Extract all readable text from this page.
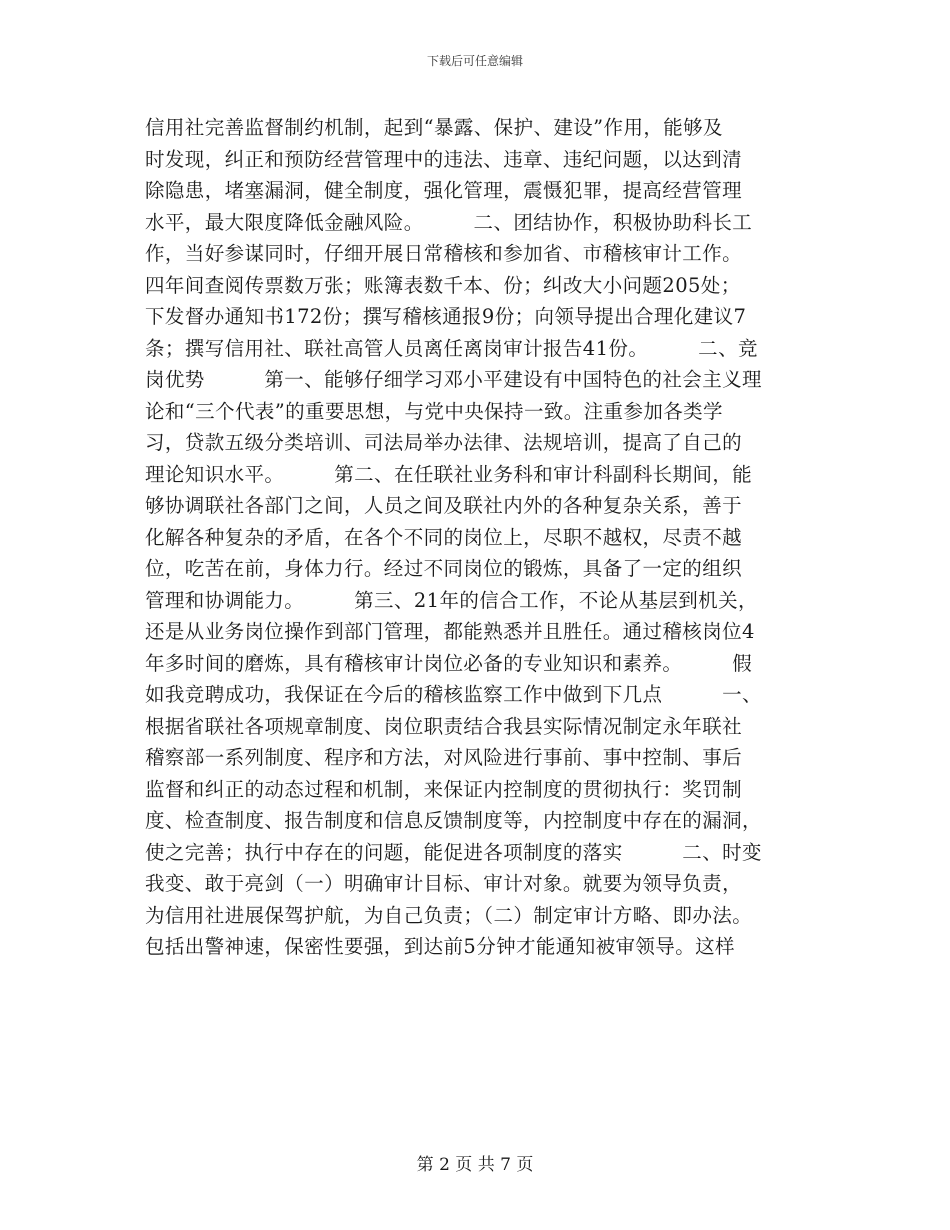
下载后可任意编辑
信用社完善监督制约机制，起到“暴露、保护、建设”作用，能够及
时发现，纠正和预防经营管理中的违法、违章、违纪问题，以达到清
除隐患，堵塞漏洞，健全制度，强化管理，震慑犯罪，提高经营管理
水平，最大限度降低金融风险。　　　二、团结协作，积极协助科长工
作，当好参谋同时，仔细开展日常稽核和参加省、市稽核审计工作。
四年间查阅传票数万张；账簿表数千本、份；纠改大小问题205处；
下发督办通知书172份；撰写稽核通报9份；向领导提出合理化建议7
条；撰写信用社、联社高管人员离任离岗审计报告41份。　　　二、竞
岗优势　　　第一、能够仔细学习邓小平建设有中国特色的社会主义理
论和“三个代表”的重要思想，与党中央保持一致。注重参加各类学
习，贷款五级分类培训、司法局举办法律、法规培训，提高了自己的
理论知识水平。　　　第二、在任联社业务科和审计科副科长期间，能
够协调联社各部门之间，人员之间及联社内外的各种复杂关系，善于
化解各种复杂的矛盾，在各个不同的岗位上，尽职不越权，尽责不越
位，吃苦在前，身体力行。经过不同岗位的锻炼，具备了一定的组织
管理和协调能力。　　　第三、21年的信合工作，不论从基层到机关，
还是从业务岗位操作到部门管理，都能熟悉并且胜任。通过稽核岗位4
年多时间的磨炼，具有稽核审计岗位必备的专业知识和素养。　　　假
如我竞聘成功，我保证在今后的稽核监察工作中做到下几点　　　一、
根据省联社各项规章制度、岗位职责结合我县实际情况制定永年联社
稽察部一系列制度、程序和方法，对风险进行事前、事中控制、事后
监督和纠正的动态过程和机制，来保证内控制度的贯彻执行：奖罚制
度、检查制度、报告制度和信息反馈制度等，内控制度中存在的漏洞，
使之完善；执行中存在的问题，能促进各项制度的落实　　　二、时变
我变、敢于亮剑（一）明确审计目标、审计对象。就要为领导负责，
为信用社进展保驾护航，为自己负责；（二）制定审计方略、即办法。
包括出警神速，保密性要强，到达前5分钟才能通知被审领导。这样
第 2 页 共 7 页
